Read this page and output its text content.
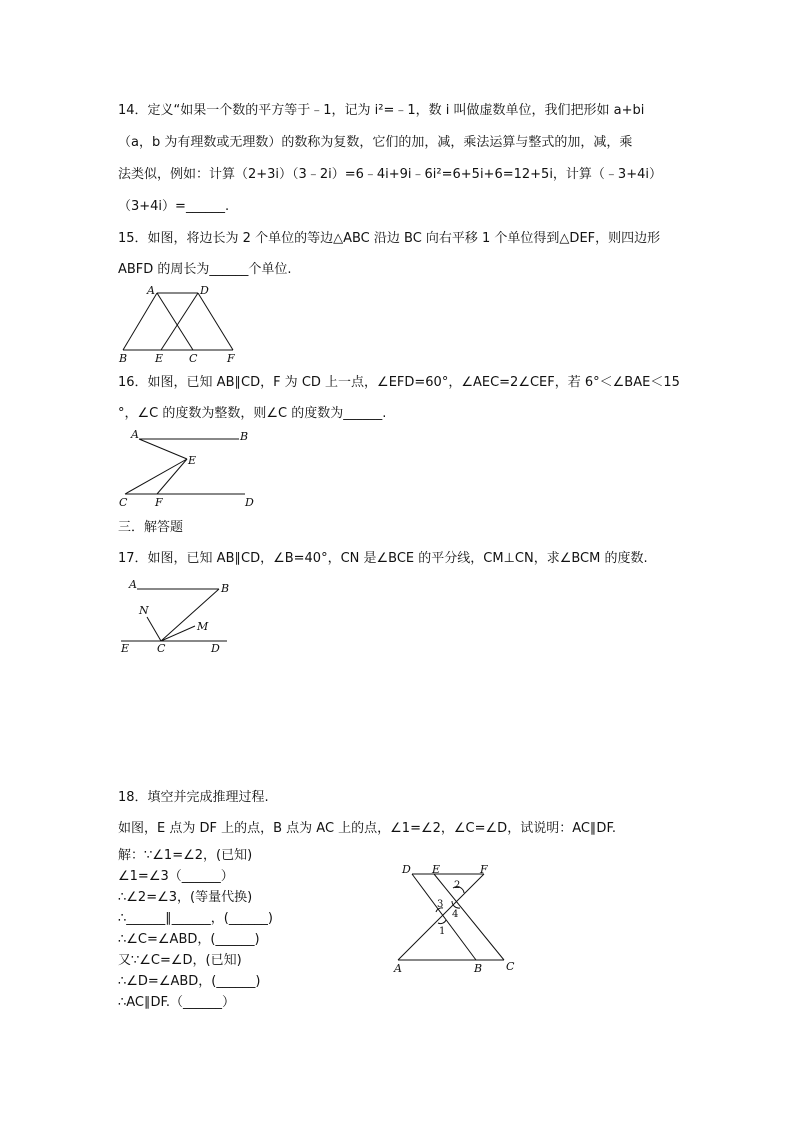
14．定义“如果一个数的平方等于﹣1，记为 i²=﹣1，数 i 叫做虚数单位，我们把形如 a+bi
（a，b 为有理数或无理数）的数称为复数，它们的加，减，乘法运算与整式的加，减，乘
法类似，例如：计算（2+3i）（3﹣2i）=6﹣4i+9i﹣6i²=6+5i+6=12+5i，计算（﹣3+4i）
（3+4i）=______.
15．如图，将边长为 2 个单位的等边△ABC 沿边 BC 向右平移 1 个单位得到△DEF，则四边形
ABFD 的周长为______个单位.
A	D
B	E C	F
16．如图，已知 AB∥CD，F 为 CD 上一点，∠EFD=60°，∠AEC=2∠CEF，若 6°＜∠BAE＜15
°，∠C 的度数为整数，则∠C 的度数为______.
A	B
E
C	F	D
三．解答题
17．如图，已知 AB∥CD，∠B=40°，CN 是∠BCE 的平分线，CM⊥CN，求∠BCM 的度数.
A	B
N
M
E	C	D
18．填空并完成推理过程.
如图，E 点为 DF 上的点，B 点为 AC 上的点，∠1=∠2，∠C=∠D，试说明：AC∥DF.
解：∵∠1=∠2，(已知)
∠1=∠3（______）
∴∠2=∠3，(等量代换)
∴______∥______，(______)
∴∠C=∠ABD，(______)
又∵∠C=∠D，(已知)
∴∠D=∠ABD，(______)
∴AC∥DF.（______）
D E	F
A	B C
2
4
3
1
